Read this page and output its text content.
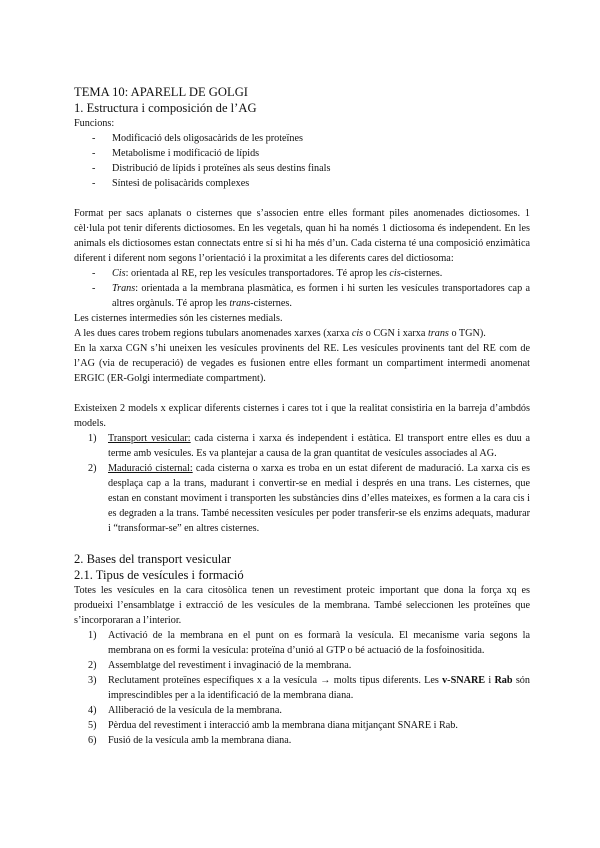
TEMA 10: APARELL DE GOLGI
1. Estructura i composición de l’AG

Funcions:

- Modificació dels oligosacàrids de les proteïnes
- Metabolisme i modificació de lípids
- Distribució de lípids i proteïnes als seus destins finals
- Síntesi de polisacàrids complexes

Format per sacs aplanats o cisternes que s’associen entre elles formant piles anomenades dictiosomes. 1 cèl·lula pot tenir diferents dictiosomes. En les vegetals, quan hi ha només 1 dictiosoma és independent. En les animals els dictiosomes estan connectats entre sí si hi ha més d’un. Cada cisterna té una composició enzimàtica diferent i diferent nom segons l’orientació i la proximitat a les diferents cares del dictiosoma:

- Cis: orientada al RE, rep les vesícules transportadores. Té aprop les cis-cisternes.
- Trans: orientada a la membrana plasmàtica, es formen i hi surten les vesícules transportadores cap a altres orgànuls. Té aprop les trans-cisternes.

Les cisternes intermedies són les cisternes medials.

A les dues cares trobem regions tubulars anomenades xarxes (xarxa cis o CGN i xarxa trans o TGN).

En la xarxa CGN s’hi uneixen les vesícules provinents del RE. Les vesícules provinents tant del RE com de l’AG (via de recuperació) de vegades es fusionen entre elles formant un compartiment intermedi anomenat ERGIC (ER-Golgi intermediate compartment).

Existeixen 2 models x explicar diferents cisternes i cares tot i que la realitat consistiria en la barreja d’ambdós models.

1) Transport vesicular: cada cisterna i xarxa és independent i estàtica. El transport entre elles es duu a terme amb vesícules. Es va plantejar a causa de la gran quantitat de vesícules associades al AG.
2) Maduració cisternal: cada cisterna o xarxa es troba en un estat diferent de maduració. La xarxa cis es desplaça cap a la trans, madurant i convertir-se en medial i després en una trans. Les cisternes, que estan en constant moviment i transporten les substàncies dins d’elles mateixes, es formen a la cara cis i es degraden a la trans. També necessiten vesícules per poder transferir-se els enzims adequats, madurar i “transformar-se” en altres cisternes.
2. Bases del transport vesicular
2.1. Tipus de vesícules i formació

Totes les vesícules en la cara citosòlica tenen un revestiment proteic important que dona la força xq es produeixi l’ensamblatge i extracció de les vesícules de la membrana. També seleccionen les proteïnes que s’incorporaran a l’interior.

1) Activació de la membrana en el punt on es formarà la vesícula. El mecanisme varia segons la membrana on es formi la vesícula: proteïna d’unió al GTP o bé actuació de la fosfoinositida.
2) Assemblatge del revestiment i invaginació de la membrana.
3) Reclutament proteïnes específiques x a la vesícula → molts tipus diferents. Les v-SNARE i Rab són imprescindibles per a la identificació de la membrana diana.
4) Alliberació de la vesícula de la membrana.
5) Pèrdua del revestiment i interacció amb la membrana diana mitjançant SNARE i Rab.
6) Fusió de la vesícula amb la membrana diana.
